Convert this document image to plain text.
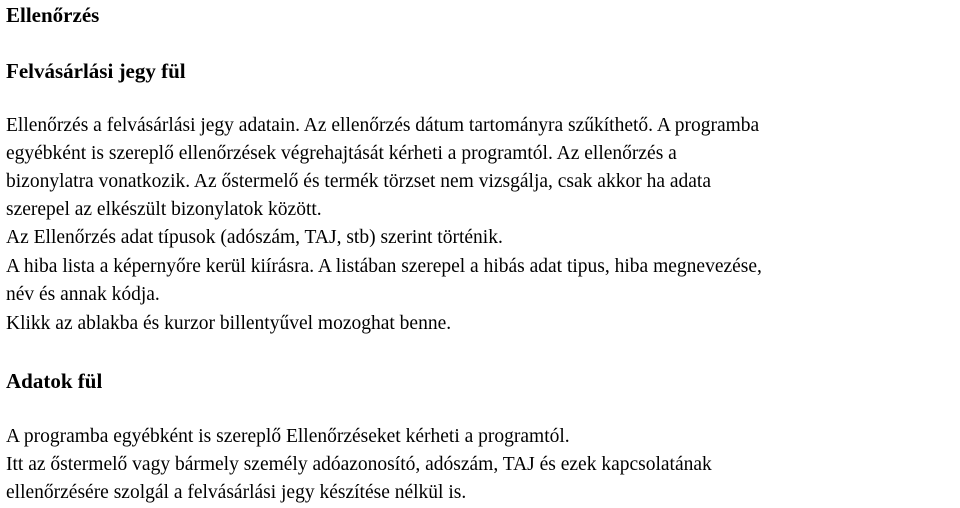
Ellenőrzés
Felvásárlási jegy fül
Ellenőrzés a felvásárlási jegy adatain. Az ellenőrzés dátum tartományra szűkíthető. A programba
egyébként is szereplő ellenőrzések végrehajtását kérheti a programtól. Az ellenőrzés a
bizonylatra vonatkozik. Az őstermelő és termék törzset nem vizsgálja, csak akkor ha adata
szerepel az elkészült bizonylatok között.
Az Ellenőrzés adat típusok (adószám, TAJ, stb) szerint történik.
A hiba lista a képernyőre kerül kiírásra. A listában szerepel a hibás adat tipus, hiba megnevezése,
név és annak kódja.
Klikk az ablakba és kurzor billentyűvel mozoghat benne.
Adatok fül
A programba egyébként is szereplő Ellenőrzéseket kérheti a programtól.
Itt az őstermelő vagy bármely személy adóazonosító, adószám, TAJ és ezek kapcsolatának
ellenőrzésére szolgál a felvásárlási jegy készítése nélkül is.
